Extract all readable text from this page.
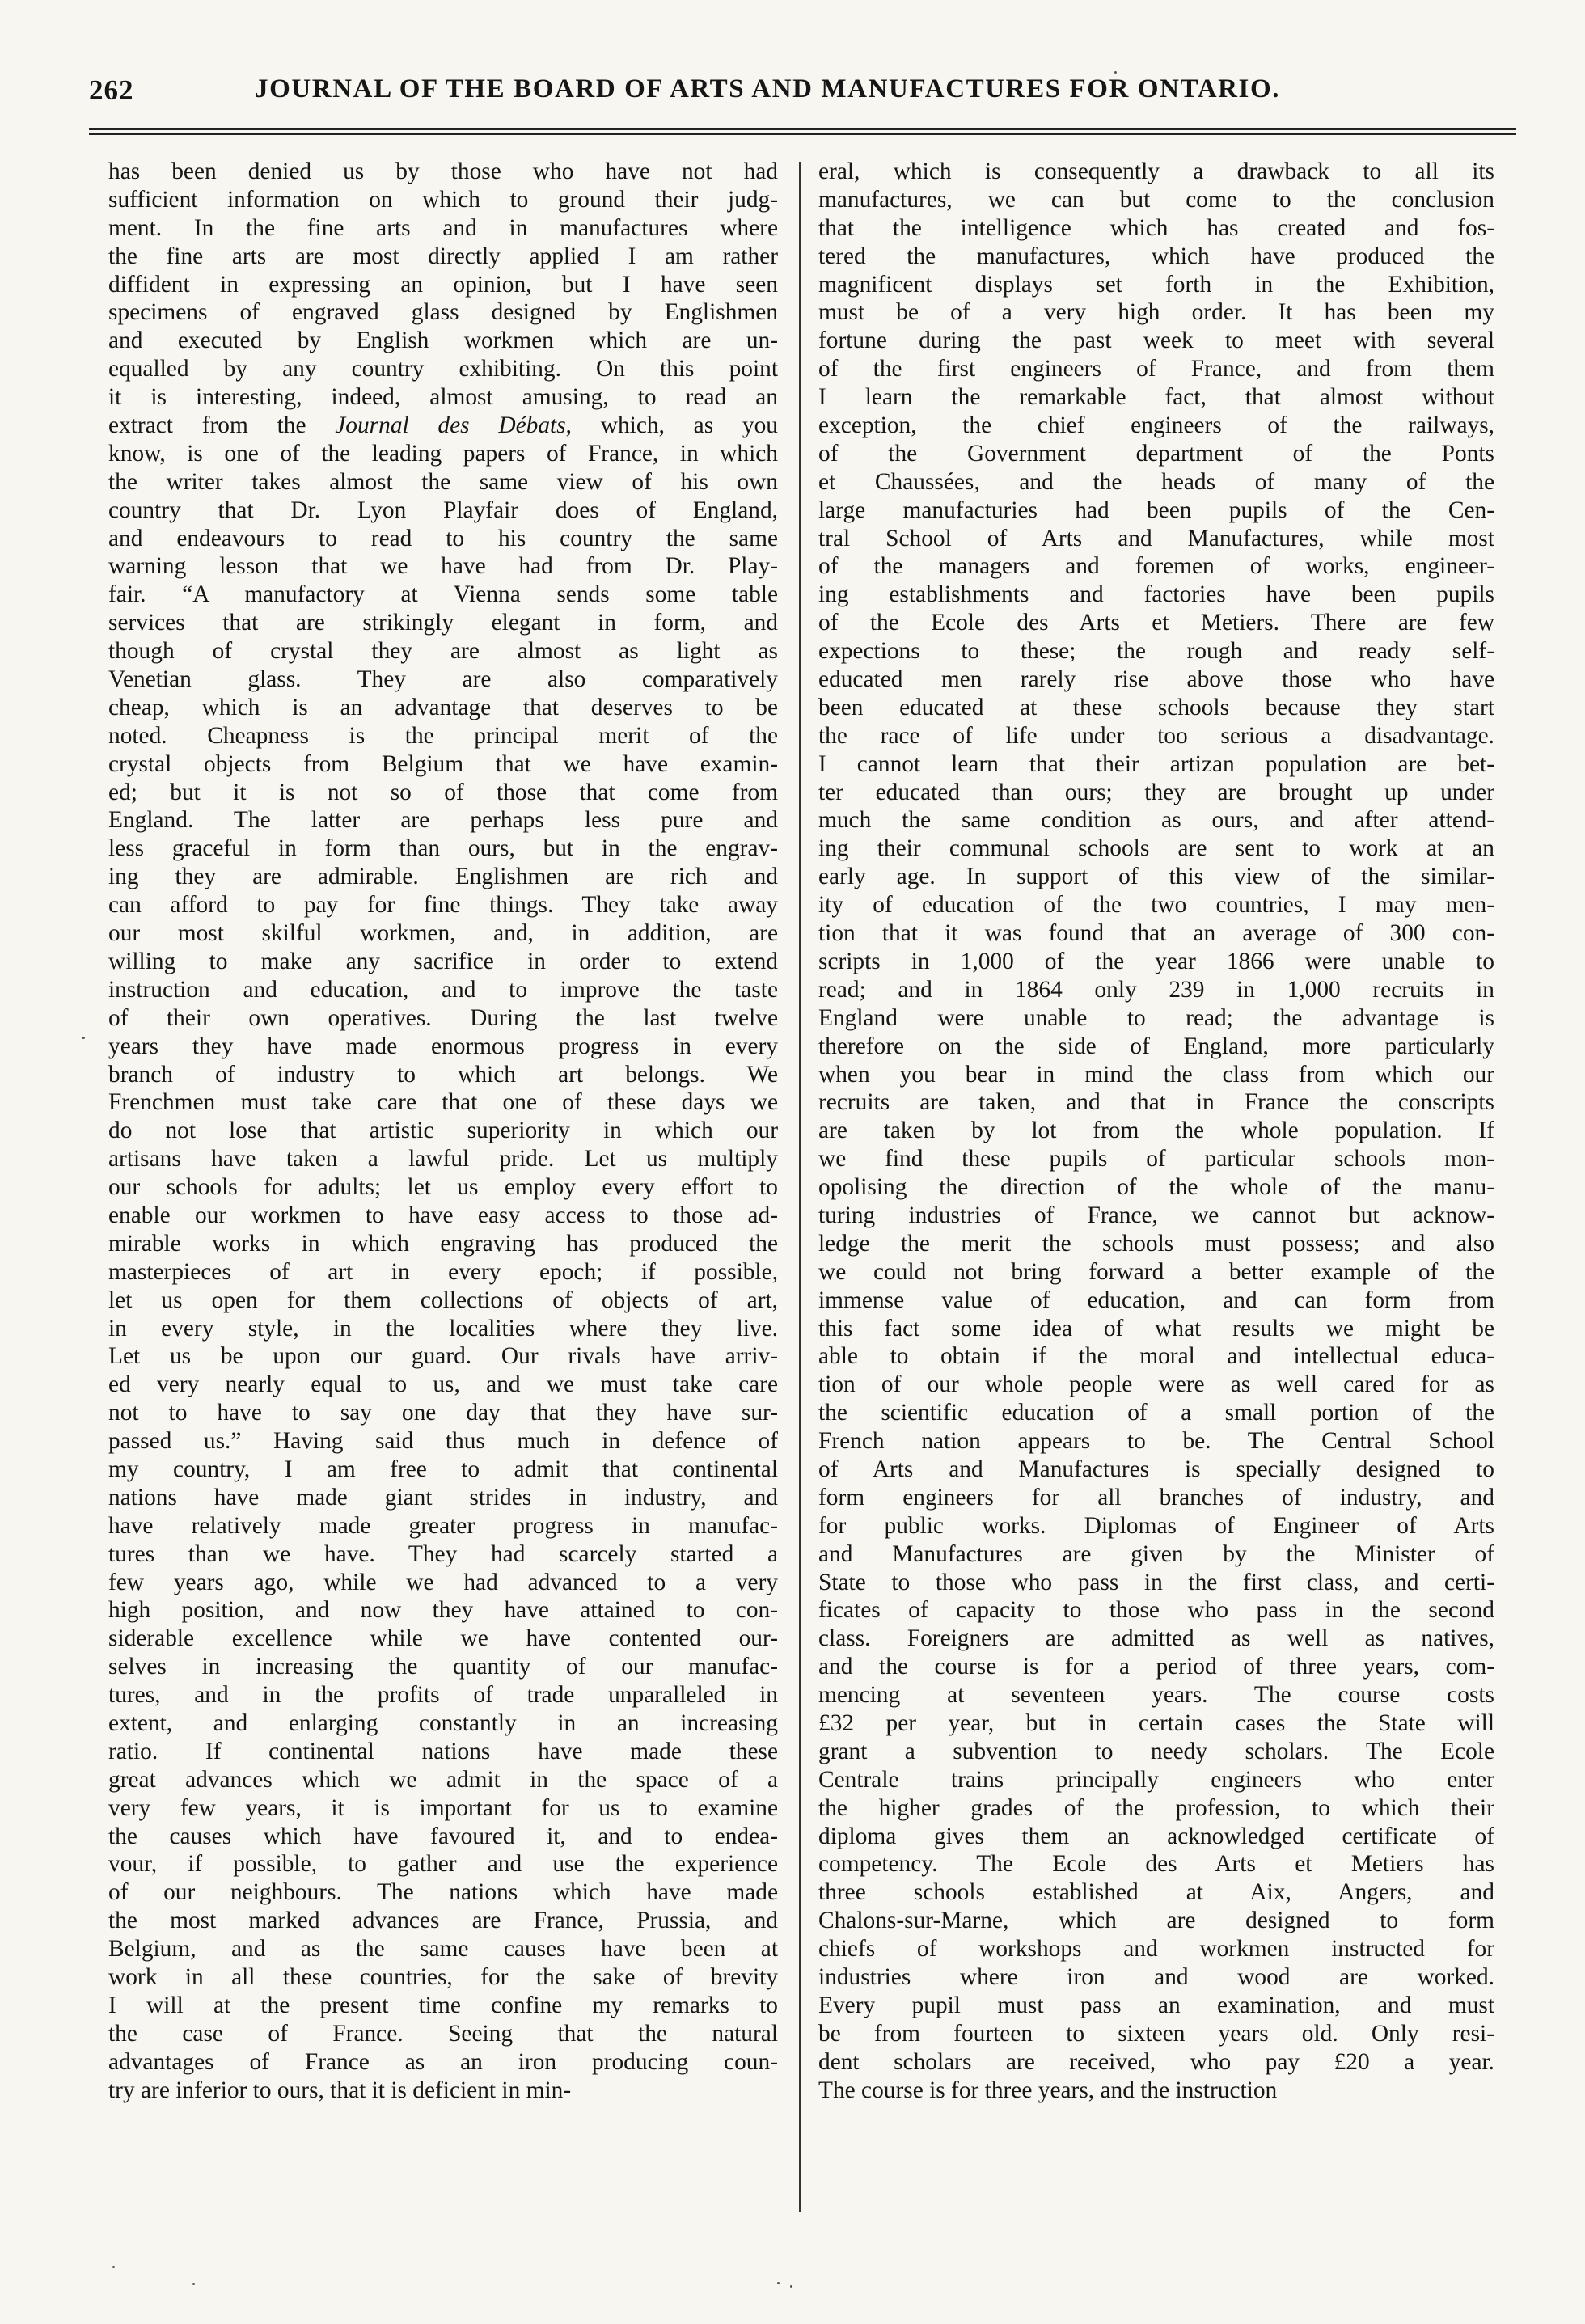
262	JOURNAL OF THE BOARD OF ARTS AND MANUFACTURES FOR ONTARIO.
has been denied us by those who have not had
sufficient information on which to ground their judg-
ment. In the fine arts and in manufactures where
the fine arts are most directly applied I am rather
diffident in expressing an opinion, but I have seen
specimens of engraved glass designed by Englishmen
and executed by English workmen which are un-
equalled by any country exhibiting. On this point
it is interesting, indeed, almost amusing, to read an
extract from the Journal des Débats, which, as you
know, is one of the leading papers of France, in which
the writer takes almost the same view of his own
country that Dr. Lyon Playfair does of England,
and endeavours to read to his country the same
warning lesson that we have had from Dr. Play-
fair. “A manufactory at Vienna sends some table
services that are strikingly elegant in form, and
though of crystal they are almost as light as
Venetian glass. They are also comparatively
cheap, which is an advantage that deserves to be
noted. Cheapness is the principal merit of the
crystal objects from Belgium that we have examin-
ed; but it is not so of those that come from
England. The latter are perhaps less pure and
less graceful in form than ours, but in the engrav-
ing they are admirable. Englishmen are rich and
can afford to pay for fine things. They take away
our most skilful workmen, and, in addition, are
willing to make any sacrifice in order to extend
instruction and education, and to improve the taste
of their own operatives. During the last twelve
years they have made enormous progress in every
branch of industry to which art belongs. We
Frenchmen must take care that one of these days we
do not lose that artistic superiority in which our
artisans have taken a lawful pride. Let us multiply
our schools for adults; let us employ every effort to
enable our workmen to have easy access to those ad-
mirable works in which engraving has produced the
masterpieces of art in every epoch; if possible,
let us open for them collections of objects of art,
in every style, in the localities where they live.
Let us be upon our guard. Our rivals have arriv-
ed very nearly equal to us, and we must take care
not to have to say one day that they have sur-
passed us.” Having said thus much in defence of
my country, I am free to admit that continental
nations have made giant strides in industry, and
have relatively made greater progress in manufac-
tures than we have. They had scarcely started a
few years ago, while we had advanced to a very
high position, and now they have attained to con-
siderable excellence while we have contented our-
selves in increasing the quantity of our manufac-
tures, and in the profits of trade unparalleled in
extent, and enlarging constantly in an increasing
ratio. If continental nations have made these
great advances which we admit in the space of a
very few years, it is important for us to examine
the causes which have favoured it, and to endea-
vour, if possible, to gather and use the experience
of our neighbours. The nations which have made
the most marked advances are France, Prussia, and
Belgium, and as the same causes have been at
work in all these countries, for the sake of brevity
I will at the present time confine my remarks to
the case of France. Seeing that the natural
advantages of France as an iron producing coun-
try are inferior to ours, that it is deficient in min-
eral, which is consequently a drawback to all its
manufactures, we can but come to the conclusion
that the intelligence which has created and fos-
tered the manufactures, which have produced the
magnificent displays set forth in the Exhibition,
must be of a very high order. It has been my
fortune during the past week to meet with several
of the first engineers of France, and from them
I learn the remarkable fact, that almost without
exception, the chief engineers of the railways,
of the Government department of the Ponts
et Chaussées, and the heads of many of the
large manufacturies had been pupils of the Cen-
tral School of Arts and Manufactures, while most
of the managers and foremen of works, engineer-
ing establishments and factories have been pupils
of the Ecole des Arts et Metiers. There are few
expections to these; the rough and ready self-
educated men rarely rise above those who have
been educated at these schools because they start
the race of life under too serious a disadvantage.
I cannot learn that their artizan population are bet-
ter educated than ours; they are brought up under
much the same condition as ours, and after attend-
ing their communal schools are sent to work at an
early age. In support of this view of the similar-
ity of education of the two countries, I may men-
tion that it was found that an average of 300 con-
scripts in 1,000 of the year 1866 were unable to
read; and in 1864 only 239 in 1,000 recruits in
England were unable to read; the advantage is
therefore on the side of England, more particularly
when you bear in mind the class from which our
recruits are taken, and that in France the conscripts
are taken by lot from the whole population. If
we find these pupils of particular schools mon-
opolising the direction of the whole of the manu-
turing industries of France, we cannot but acknow-
ledge the merit the schools must possess; and also
we could not bring forward a better example of the
immense value of education, and can form from
this fact some idea of what results we might be
able to obtain if the moral and intellectual educa-
tion of our whole people were as well cared for as
the scientific education of a small portion of the
French nation appears to be. The Central School
of Arts and Manufactures is specially designed to
form engineers for all branches of industry, and
for public works. Diplomas of Engineer of Arts
and Manufactures are given by the Minister of
State to those who pass in the first class, and certi-
ficates of capacity to those who pass in the second
class. Foreigners are admitted as well as natives,
and the course is for a period of three years, com-
mencing at seventeen years. The course costs
£32 per year, but in certain cases the State will
grant a subvention to needy scholars. The Ecole
Centrale trains principally engineers who enter
the higher grades of the profession, to which their
diploma gives them an acknowledged certificate of
competency. The Ecole des Arts et Metiers has
three schools established at Aix, Angers, and
Chalons-sur-Marne, which are designed to form
chiefs of workshops and workmen instructed for
industries where iron and wood are worked.
Every pupil must pass an examination, and must
be from fourteen to sixteen years old. Only resi-
dent scholars are received, who pay £20 a year.
The course is for three years, and the instruction
